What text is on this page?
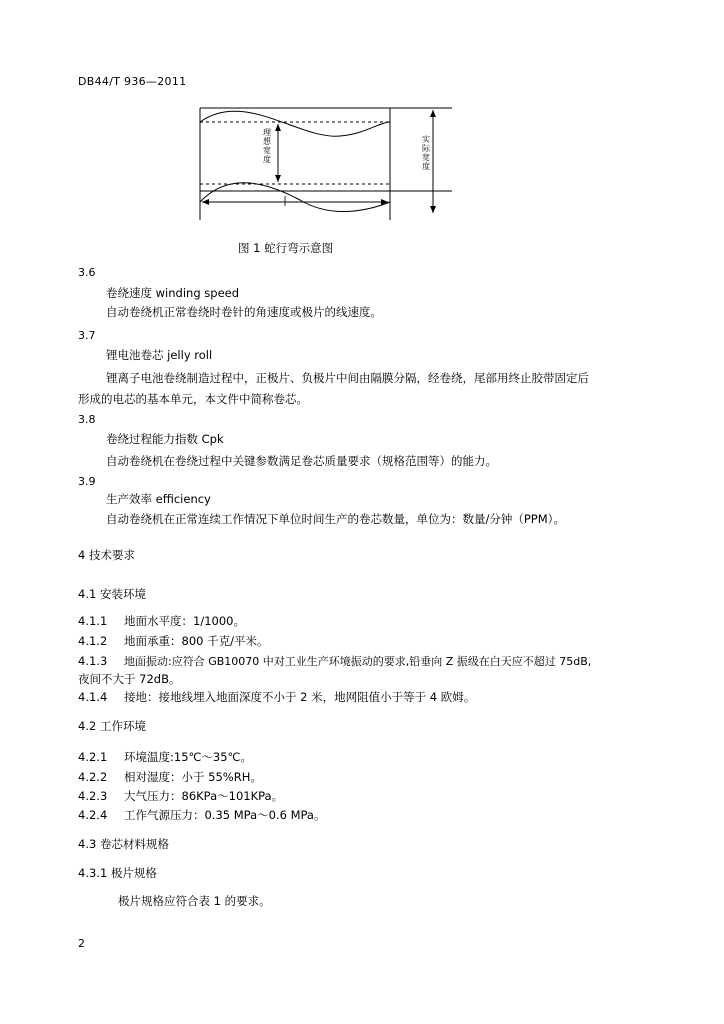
DB44/T 936—2011
理想宽度
实际宽度
图 1 蛇行弯示意图
3.6
卷绕速度 winding speed
自动卷绕机正常卷绕时卷针的角速度或极片的线速度。
3.7
锂电池卷芯 jelly roll
锂离子电池卷绕制造过程中，正极片、负极片中间由隔膜分隔，经卷绕，尾部用终止胶带固定后
形成的电芯的基本单元，本文件中简称卷芯。
3.8
卷绕过程能力指数 Cpk
自动卷绕机在卷绕过程中关键参数满足卷芯质量要求（规格范围等）的能力。
3.9
生产效率 efficiency
自动卷绕机在正常连续工作情况下单位时间生产的卷芯数量，单位为：数量/分钟（PPM）。
4 技术要求
4.1 安装环境
4.1.1 地面水平度：1/1000。
4.1.2 地面承重：800 千克/平米。
4.1.3 地面振动:应符合 GB10070 中对工业生产环境振动的要求,铅垂向 Z 振级在白天应不超过 75dB,
夜间不大于 72dB。
4.1.4 接地：接地线埋入地面深度不小于 2 米，地网阻值小于等于 4 欧姆。
4.2 工作环境
4.2.1 环境温度:15℃～35℃。
4.2.2 相对湿度：小于 55%RH。
4.2.3 大气压力：86KPa～101KPa。
4.2.4 工作气源压力：0.35 MPa～0.6 MPa。
4.3 卷芯材料规格
4.3.1 极片规格
极片规格应符合表 1 的要求。
2
